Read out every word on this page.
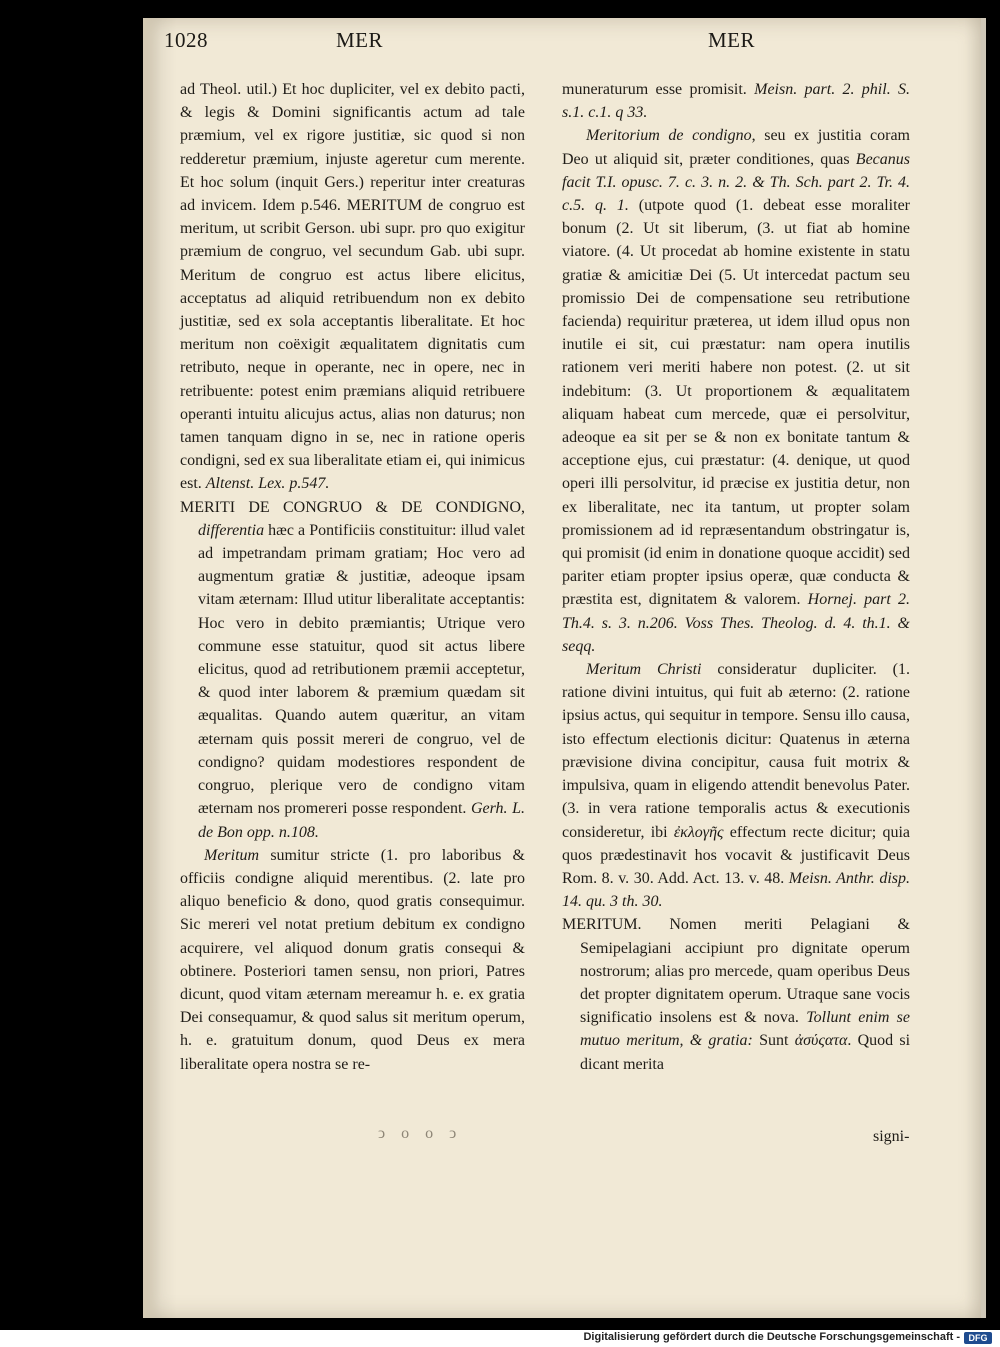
1028	MER	MER

ad Theol. util.) Et hoc dupliciter, vel ex debito pacti, & legis & Domini significantis actum ad tale præmium, vel ex rigore justitiæ, sic quod si non redderetur præmium, injuste ageretur cum merente. Et hoc solum (inquit Gers.) reperitur inter creaturas ad invicem. Idem p.546. MERITUM de congruo est meritum, ut scribit Gerson. ubi supr. pro quo exigitur præmium de congruo, vel secundum Gab. ubi supr. Meritum de congruo est actus libere elicitus, acceptatus ad aliquid retribuendum non ex debito justitiæ, sed ex sola acceptantis liberalitate. Et hoc meritum non coëxigit æqualitatem dignitatis cum retributo, neque in operante, nec in opere, nec in retribuente: potest enim præmians aliquid retribuere operanti intuitu alicujus actus, alias non daturus; non tamen tanquam digno in se, nec in ratione operis condigni, sed ex sua liberalitate etiam ei, qui inimicus est. Altenst. Lex. p.547.

MERITI DE CONGRUO & DE CONDIGNO, differentia hæc a Pontificiis constituitur: illud valet ad impetrandam primam gratiam; Hoc vero ad augmentum gratiæ & justitiæ, adeoque ipsam vitam æternam: Illud utitur liberalitate acceptantis: Hoc vero in debito præmiantis; Utrique vero commune esse statuitur, quod sit actus libere elicitus, quod ad retributionem præmii acceptetur, & quod inter laborem & præmium quædam sit æqualitas. Quando autem quæritur, an vitam æternam quis possit mereri de congruo, vel de condigno? quidam modestiores respondent de congruo, plerique vero de condigno vitam æternam nos promereri posse respondent. Gerh. L. de Bon opp. n.108.

Meritum sumitur stricte (1. pro laboribus & officiis condigne aliquid merentibus. (2. late pro aliquo beneficio & dono, quod gratis consequimur. Sic mereri vel notat pretium debitum ex condigno acquirere, vel aliquod donum gratis consequi & obtinere. Posteriori tamen sensu, non priori, Patres dicunt, quod vitam æternam mereamur h. e. ex gratia Dei consequamur, & quod salus sit meritum operum, h. e. gratuitum donum, quod Deus ex mera liberalitate opera nostra se re-

muneraturum esse promisit. Meisn. part. 2. phil. S. s.1. c.1. q 33.

Meritorium de condigno, seu ex justitia coram Deo ut aliquid sit, præter conditiones, quas Becanus facit T.I. opusc. 7. c. 3. n. 2. & Th. Sch. part 2. Tr. 4. c.5. q. 1. (utpote quod (1. debeat esse moraliter bonum (2. Ut sit liberum, (3. ut fiat ab homine viatore. (4. Ut procedat ab homine existente in statu gratiæ & amicitiæ Dei (5. Ut intercedat pactum seu promissio Dei de compensatione seu retributione facienda) requiritur præterea, ut idem illud opus non inutile ei sit, cui præstatur: nam opera inutilis rationem veri meriti habere non potest. (2. ut sit indebitum: (3. Ut proportionem & æqualitatem aliquam habeat cum mercede, quæ ei persolvitur, adeoque ea sit per se & non ex bonitate tantum & acceptione ejus, cui præstatur: (4. denique, ut quod operi illi persolvitur, id præcise ex justitia detur, non ex liberalitate, nec ita tantum, ut propter solam promissionem ad id repræsentandum obstringatur is, qui promisit (id enim in donatione quoque accidit) sed pariter etiam propter ipsius operæ, quæ conducta & præstita est, dignitatem & valorem. Hornej. part 2. Th.4. s. 3. n.206. Voss Thes. Theolog. d. 4. th.1. & seqq.

Meritum Christi consideratur dupliciter. (1. ratione divini intuitus, qui fuit ab æterno: (2. ratione ipsius actus, qui sequitur in tempore. Sensu illo causa, isto effectum electionis dicitur: Quatenus in æterna prævisione divina concipitur, causa fuit motrix & impulsiva, quam in eligendo attendit benevolus Pater. (3. in vera ratione temporalis actus & executionis consideretur, ibi ἐκλογῆς effectum recte dicitur; quia quos prædestinavit hos vocavit & justificavit Deus Rom. 8. v. 30. Add. Act. 13. v. 48. Meisn. Anthr. disp. 14. qu. 3 th. 30.

MERITUM. Nomen meriti Pelagiani & Semipelagiani accipiunt pro dignitate operum nostrorum; alias pro mercede, quam operibus Deus det propter dignitatem operum. Utraque sane vocis significatio insolens est & nova. Tollunt enim se mutuo meritum, & gratia: Sunt ἀσύςατα. Quod si dicant merita

ↄ o o ↄ	signi-
Digitalisierung gefördert durch die Deutsche Forschungsgemeinschaft - DFG
